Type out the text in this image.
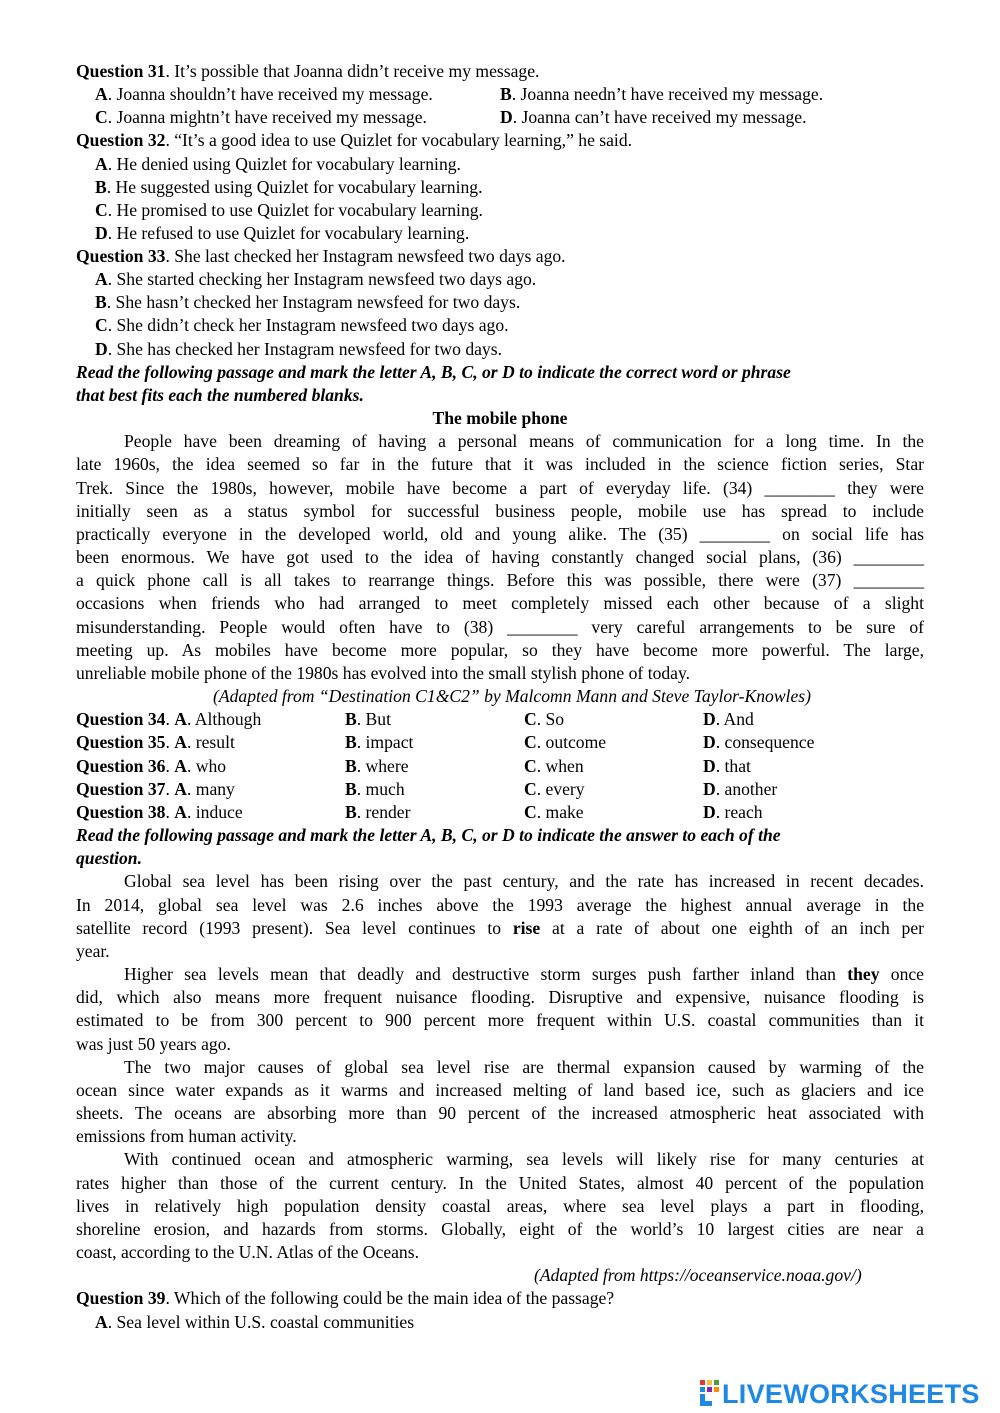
Question 31. It’s possible that Joanna didn’t receive my message.
A. Joanna shouldn’t have received my message.	B. Joanna needn’t have received my message.
C. Joanna mightn’t have received my message.	D. Joanna can’t have received my message.
Question 32. “It’s a good idea to use Quizlet for vocabulary learning,” he said.
A. He denied using Quizlet for vocabulary learning.
B. He suggested using Quizlet for vocabulary learning.
C. He promised to use Quizlet for vocabulary learning.
D. He refused to use Quizlet for vocabulary learning.
Question 33. She last checked her Instagram newsfeed two days ago.
A. She started checking her Instagram newsfeed two days ago.
B. She hasn’t checked her Instagram newsfeed for two days.
C. She didn’t check her Instagram newsfeed two days ago.
D. She has checked her Instagram newsfeed for two days.
Read the following passage and mark the letter A, B, C, or D to indicate the correct word or phrase
that best fits each the numbered blanks.
The mobile phone
People have been dreaming of having a personal means of communication for a long time. In the
late 1960s, the idea seemed so far in the future that it was included in the science fiction series, Star
Trek. Since the 1980s, however, mobile have become a part of everyday life. (34) ________ they were
initially seen as a status symbol for successful business people, mobile use has spread to include
practically everyone in the developed world, old and young alike. The (35) ________ on social life has
been enormous. We have got used to the idea of having constantly changed social plans, (36) ________
a quick phone call is all takes to rearrange things. Before this was possible, there were (37) ________
occasions when friends who had arranged to meet completely missed each other because of a slight
misunderstanding. People would often have to (38) ________ very careful arrangements to be sure of
meeting up. As mobiles have become more popular, so they have become more powerful. The large,
unreliable mobile phone of the 1980s has evolved into the small stylish phone of today.
(Adapted from “Destination C1&C2” by Malcomn Mann and Steve Taylor-Knowles)
Question 34. A. Although	B. But	C. So	D. And
Question 35. A. result	B. impact	C. outcome	D. consequence
Question 36. A. who	B. where	C. when	D. that
Question 37. A. many	B. much	C. every	D. another
Question 38. A. induce	B. render	C. make	D. reach
Read the following passage and mark the letter A, B, C, or D to indicate the answer to each of the
question.
Global sea level has been rising over the past century, and the rate has increased in recent decades.
In 2014, global sea level was 2.6 inches above the 1993 average the highest annual average in the
satellite record (1993 present). Sea level continues to rise at a rate of about one eighth of an inch per
year.
Higher sea levels mean that deadly and destructive storm surges push farther inland than they once
did, which also means more frequent nuisance flooding. Disruptive and expensive, nuisance flooding is
estimated to be from 300 percent to 900 percent more frequent within U.S. coastal communities than it
was just 50 years ago.
The two major causes of global sea level rise are thermal expansion caused by warming of the
ocean since water expands as it warms and increased melting of land based ice, such as glaciers and ice
sheets. The oceans are absorbing more than 90 percent of the increased atmospheric heat associated with
emissions from human activity.
With continued ocean and atmospheric warming, sea levels will likely rise for many centuries at
rates higher than those of the current century. In the United States, almost 40 percent of the population
lives in relatively high population density coastal areas, where sea level plays a part in flooding,
shoreline erosion, and hazards from storms. Globally, eight of the world’s 10 largest cities are near a
coast, according to the U.N. Atlas of the Oceans.
(Adapted from https://oceanservice.noaa.gov/)
Question 39. Which of the following could be the main idea of the passage?
A. Sea level within U.S. coastal communities
LIVEWORKSHEETS
